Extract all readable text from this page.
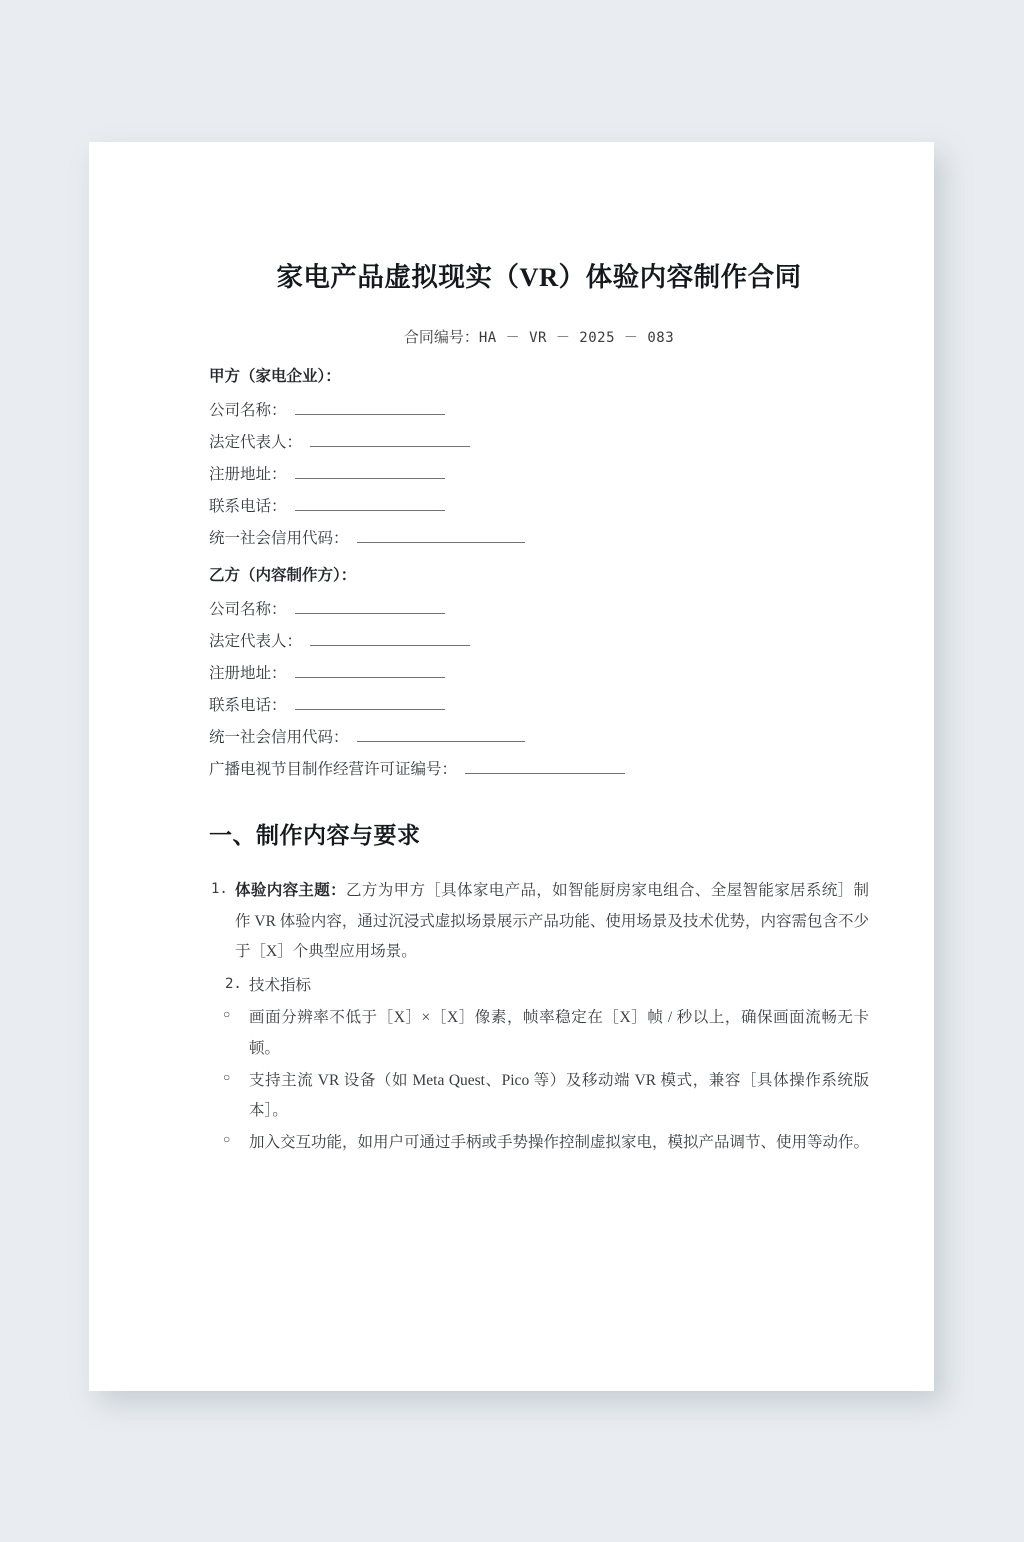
家电产品虚拟现实（VR）体验内容制作合同
合同编号：HA － VR － 2025 － 083
甲方（家电企业）：
公司名称：
法定代表人：
注册地址：
联系电话：
统一社会信用代码：
乙方（内容制作方）：
公司名称：
法定代表人：
注册地址：
联系电话：
统一社会信用代码：
广播电视节目制作经营许可证编号：
一、制作内容与要求
1. 体验内容主题：乙方为甲方［具体家电产品，如智能厨房家电组合、全屋智能家居系统］制作 VR 体验内容，通过沉浸式虚拟场景展示产品功能、使用场景及技术优势，内容需包含不少于［X］个典型应用场景。
2. 技术指标
○	画面分辨率不低于［X］×［X］像素，帧率稳定在［X］帧 / 秒以上，确保画面流畅无卡顿。
○	支持主流 VR 设备（如 Meta Quest、Pico 等）及移动端 VR 模式，兼容［具体操作系统版本］。
○	加入交互功能，如用户可通过手柄或手势操作控制虚拟家电，模拟产品调节、使用等动作。
